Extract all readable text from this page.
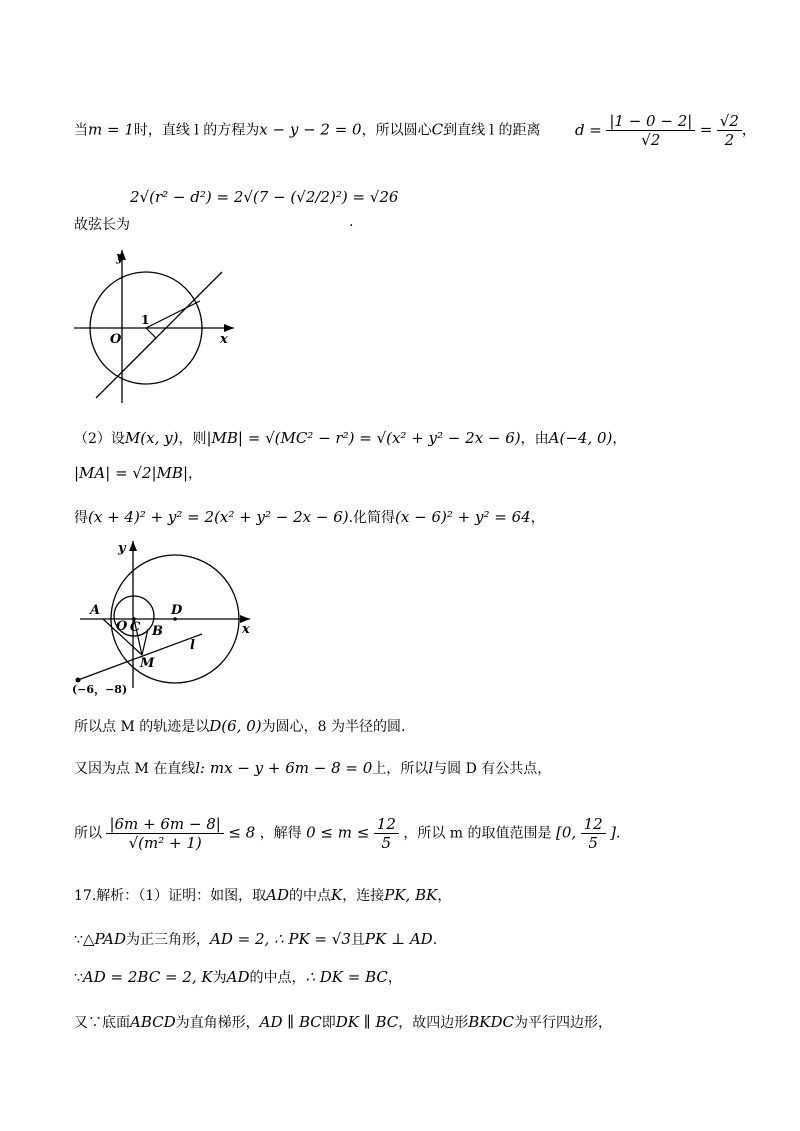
当m = 1时，直线 l 的方程为x − y − 2 = 0，所以圆心C到直线 l 的距离 $d = \frac{|1 - 0 - 2|}{√2} = \frac{√2}{2}$ ，
故弦长为
2√(r² − d²) = 2√(7 − (√2/2)²) = √26
.
y
x
O
1
（2）设M(x, y)，则|MB| = √(MC² − r²) = √(x² + y² − 2x − 6)，由A(−4, 0)，
|MA| = √2|MB|，
得(x + 4)² + y² = 2(x² + y² − 2x − 6).化简得(x − 6)² + y² = 64，
y
x
A
O C B
D
l
M
(−6，−8)
所以点 M 的轨迹是以D(6, 0)为圆心，8 为半径的圆.
又因为点 M 在直线l: mx − y + 6m − 8 = 0上，所以l与圆 D 有公共点，
所以 $\frac{|6m + 6m - 8|}{\text{√(m² + 1)}} \le 8$ ，解得 $0 \le m \le \frac{12}{5}$ ，所以 m 的取值范围是 [0, $\frac{12}{5}$ ].
17.解析：（1）证明：如图，取AD的中点K，连接PK, BK，
∵△PAD为正三角形，AD = 2, ∴ PK = √3且PK ⊥ AD.
∵AD = 2BC = 2, K为AD的中点，∴ DK = BC，
又∵底面ABCD为直角梯形，AD ∥ BC即DK ∥ BC，故四边形BKDC为平行四边形，
